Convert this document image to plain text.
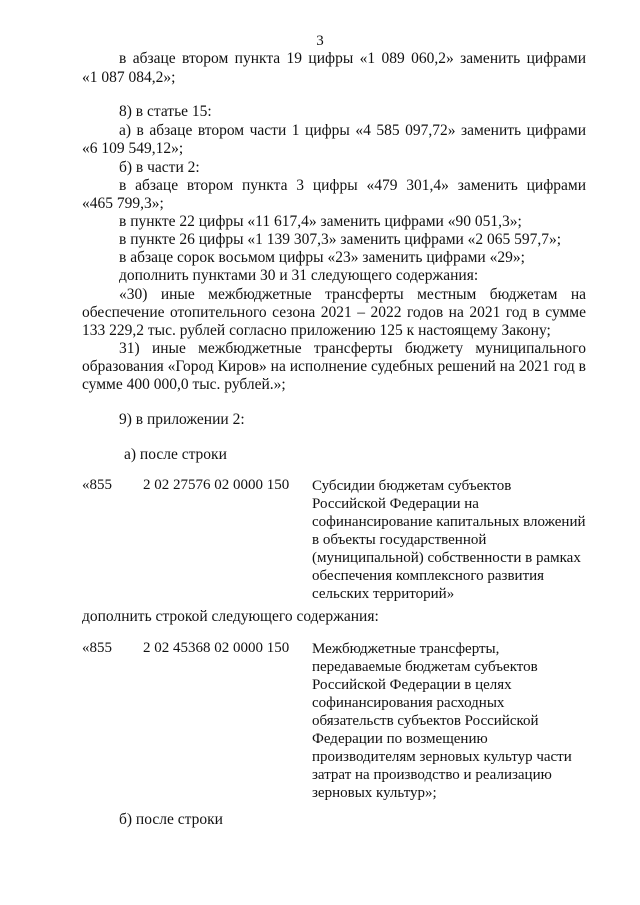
3
в абзаце втором пункта 19 цифры «1 089 060,2» заменить цифрами
«1 087 084,2»;
8) в статье 15:
а) в абзаце втором части 1 цифры «4 585 097,72» заменить цифрами
«6 109 549,12»;
б) в части 2:
в абзаце втором пункта 3 цифры «479 301,4» заменить цифрами
«465 799,3»;
в пункте 22 цифры «11 617,4» заменить цифрами «90 051,3»;
в пункте 26 цифры «1 139 307,3» заменить цифрами «2 065 597,7»;
в абзаце сорок восьмом цифры «23» заменить цифрами «29»;
дополнить пунктами 30 и 31 следующего содержания:
«30) иные межбюджетные трансферты местным бюджетам на
обеспечение отопительного сезона 2021 – 2022 годов на 2021 год в сумме
133 229,2 тыс. рублей согласно приложению 125 к настоящему Закону;
31) иные межбюджетные трансферты бюджету муниципального
образования «Город Киров» на исполнение судебных решений на 2021 год в
сумме 400 000,0 тыс. рублей.»;
9) в приложении 2:
а) после строки
«855 2 02 27576 02 0000 150 Субсидии бюджетам субъектов
Российской Федерации на
софинансирование капитальных вложений
в объекты государственной
(муниципальной) собственности в рамках
обеспечения комплексного развития
сельских территорий»
дополнить строкой следующего содержания:
«855 2 02 45368 02 0000 150 Межбюджетные трансферты,
передаваемые бюджетам субъектов
Российской Федерации в целях
софинансирования расходных
обязательств субъектов Российской
Федерации по возмещению
производителям зерновых культур части
затрат на производство и реализацию
зерновых культур»;
б) после строки
